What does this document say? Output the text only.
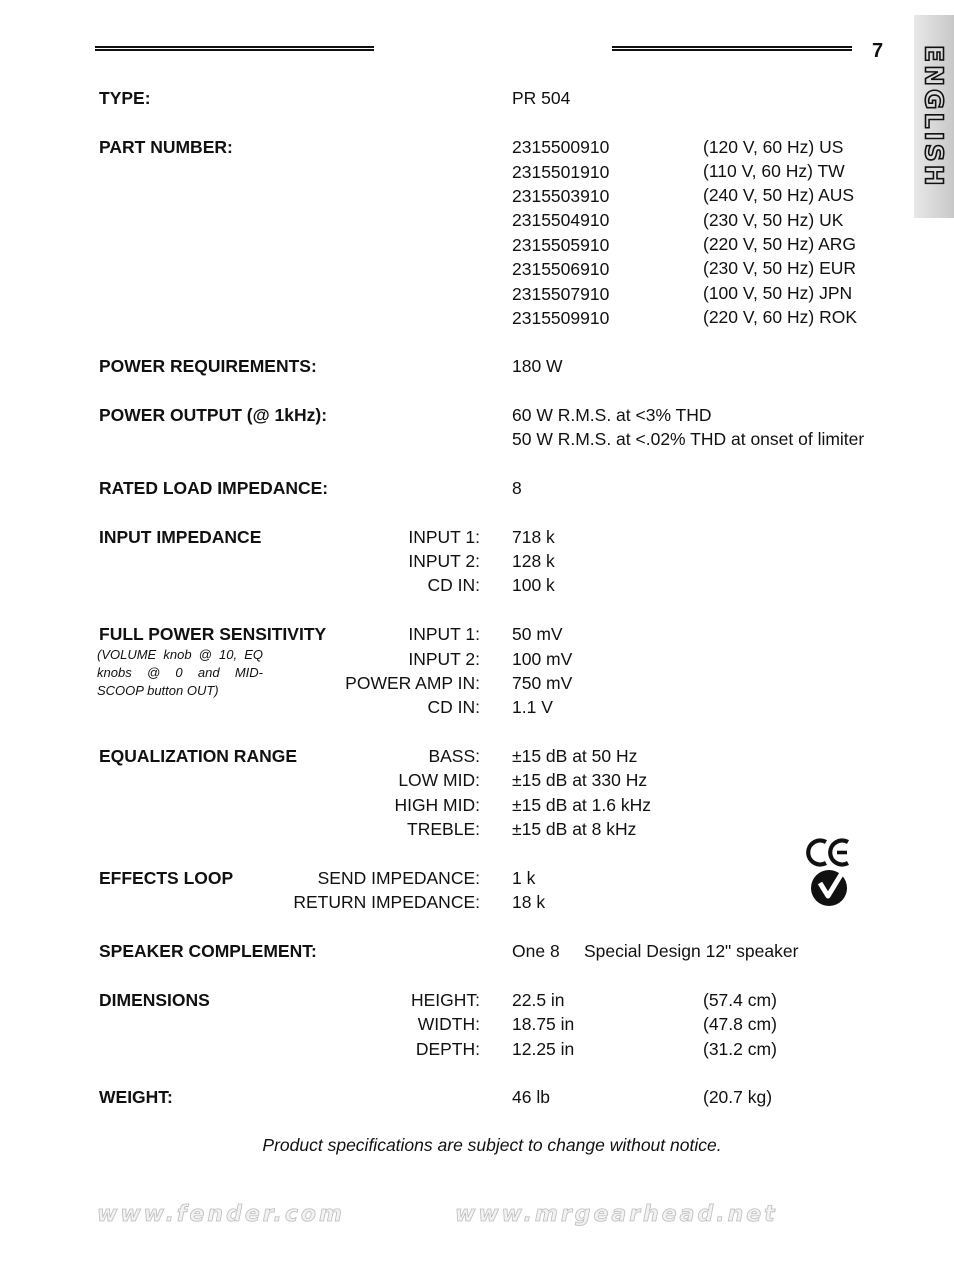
7 ENGLISH
TYPE:	PR 504
PART NUMBER:	2315500910	(120 V, 60 Hz) US
2315501910	(110 V, 60 Hz) TW
2315503910	(240 V, 50 Hz) AUS
2315504910	(230 V, 50 Hz) UK
2315505910	(220 V, 50 Hz) ARG
2315506910	(230 V, 50 Hz) EUR
2315507910	(100 V, 50 Hz) JPN
2315509910	(220 V, 60 Hz) ROK
POWER REQUIREMENTS:	180 W
POWER OUTPUT (@ 1kHz):	60 W R.M.S. at <3% THD
50 W R.M.S. at <.02% THD at onset of limiter
RATED LOAD IMPEDANCE:	8
INPUT IMPEDANCE	INPUT 1: 718 k
INPUT 2: 128 k
CD IN: 100 k
FULL POWER SENSITIVITY
(VOLUME knob @ 10, EQ knobs @ 0 and MID-SCOOP button OUT)
INPUT 1: 50 mV
INPUT 2: 100 mV
POWER AMP IN: 750 mV
CD IN: 1.1 V
EQUALIZATION RANGE	BASS: ±15 dB at 50 Hz
LOW MID: ±15 dB at 330 Hz
HIGH MID: ±15 dB at 1.6 kHz
TREBLE: ±15 dB at 8 kHz
EFFECTS LOOP	SEND IMPEDANCE: 1 k
RETURN IMPEDANCE: 18 k
SPEAKER COMPLEMENT:	One 8 Special Design 12" speaker
DIMENSIONS	HEIGHT: 22.5 in	(57.4 cm)
WIDTH: 18.75 in	(47.8 cm)
DEPTH: 12.25 in	(31.2 cm)
WEIGHT:	46 lb	(20.7 kg)
Product specifications are subject to change without notice.
www.fender.com	www.mrgearhead.net
